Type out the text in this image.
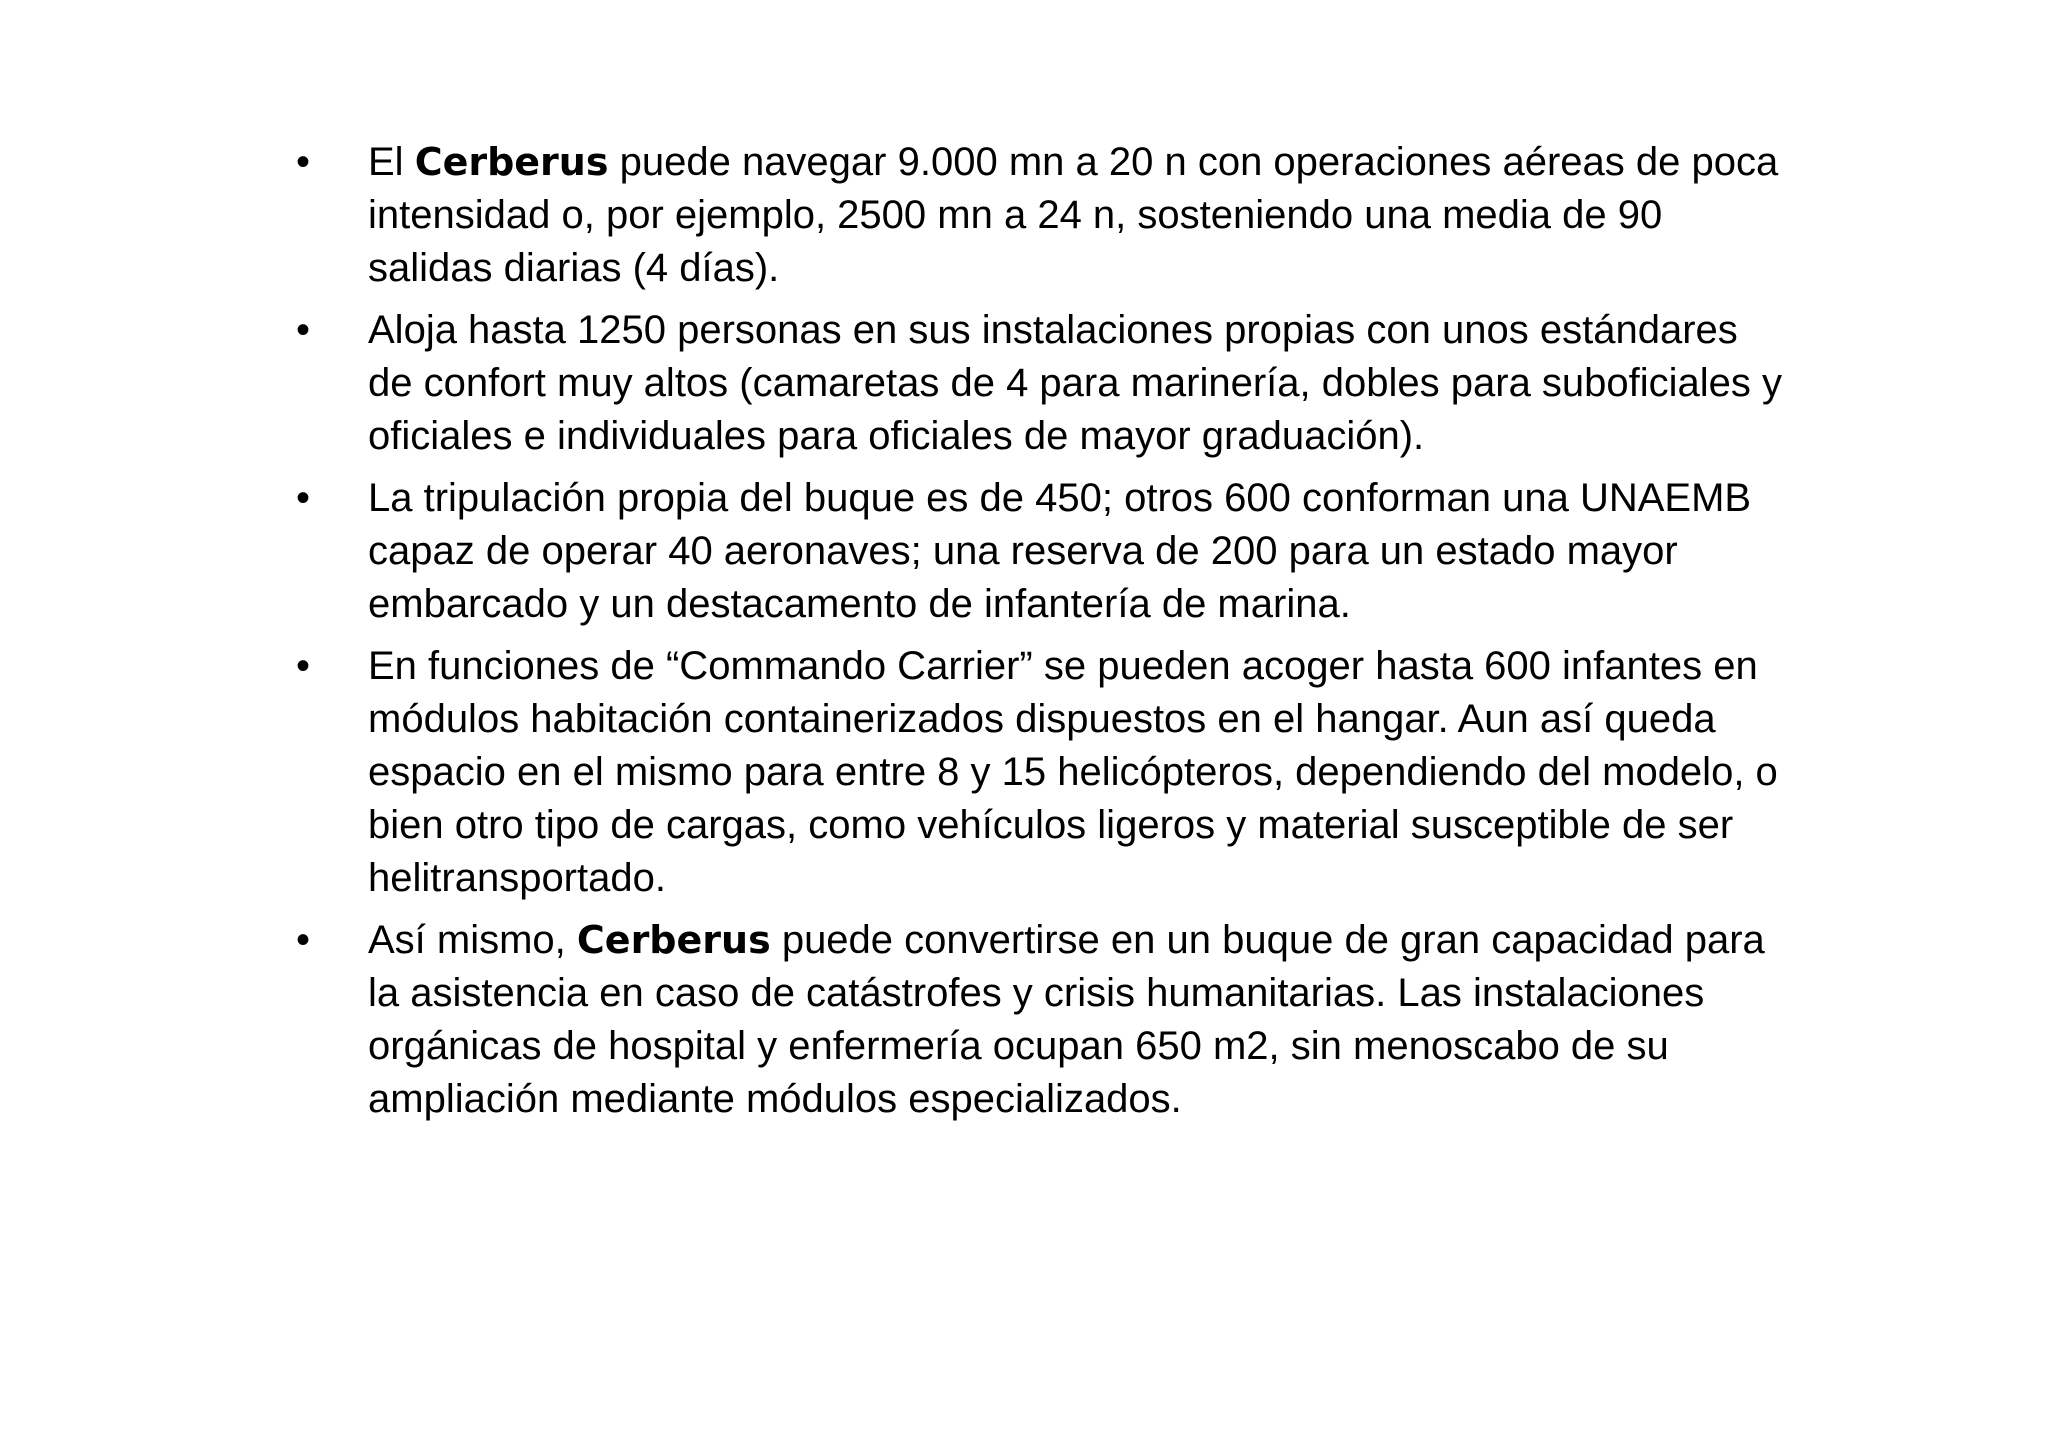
• El Cerberus puede navegar 9.000 mn a 20 n con operaciones aéreas de poca intensidad o, por ejemplo, 2500 mn a 24 n, sosteniendo una media de 90 salidas diarias (4 días).
• Aloja hasta 1250 personas en sus instalaciones propias con unos estándares de confort muy altos (camaretas de 4 para marinería, dobles para suboficiales y oficiales e individuales para oficiales de mayor graduación).
• La tripulación propia del buque es de 450; otros 600 conforman una UNAEMB capaz de operar 40 aeronaves; una reserva de 200 para un estado mayor embarcado y un destacamento de infantería de marina.
• En funciones de “Commando Carrier” se pueden acoger hasta 600 infantes en módulos habitación containerizados dispuestos en el hangar. Aun así queda espacio en el mismo para entre 8 y 15 helicópteros, dependiendo del modelo, o bien otro tipo de cargas, como vehículos ligeros y material susceptible de ser helitransportado.
• Así mismo, Cerberus puede convertirse en un buque de gran capacidad para la asistencia en caso de catástrofes y crisis humanitarias. Las instalaciones orgánicas de hospital y enfermería ocupan 650 m2, sin menoscabo de su ampliación mediante módulos especializados.
